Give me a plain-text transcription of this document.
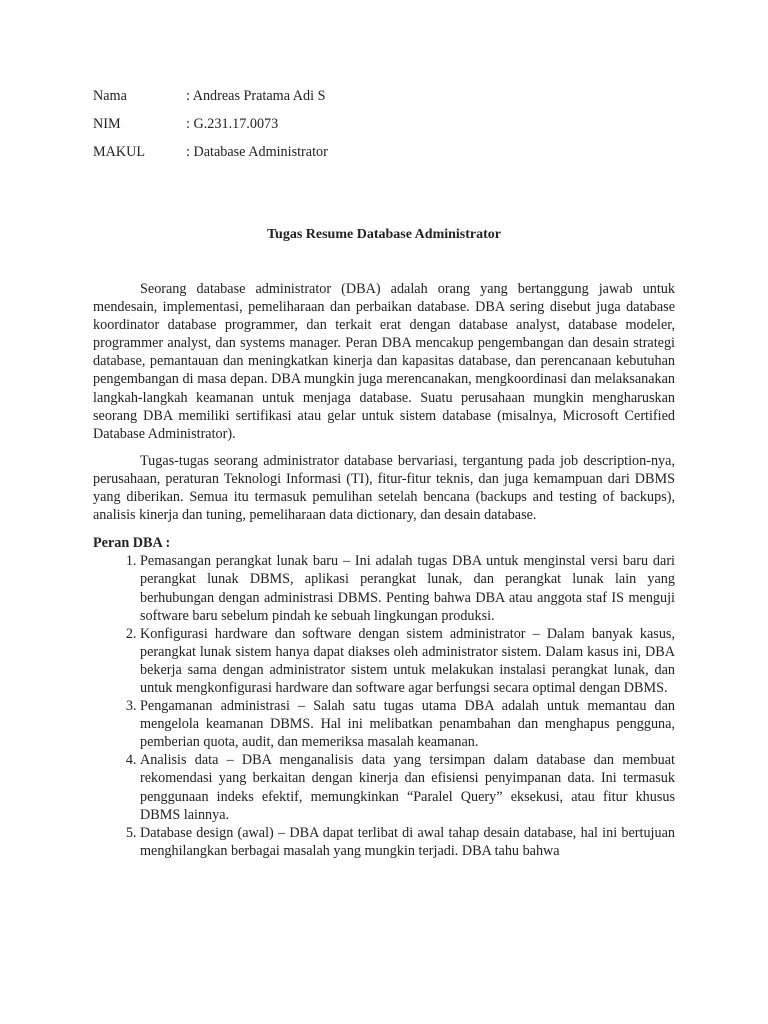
Nama	: Andreas Pratama Adi S
NIM	: G.231.17.0073
MAKUL	: Database Administrator
Tugas Resume Database Administrator

Seorang database administrator (DBA) adalah orang yang bertanggung jawab untuk mendesain, implementasi, pemeliharaan dan perbaikan database. DBA sering disebut juga database koordinator database programmer, dan terkait erat dengan database analyst, database modeler, programmer analyst, dan systems manager. Peran DBA mencakup pengembangan dan desain strategi database, pemantauan dan meningkatkan kinerja dan kapasitas database, dan perencanaan kebutuhan pengembangan di masa depan. DBA mungkin juga merencanakan, mengkoordinasi dan melaksanakan langkah-langkah keamanan untuk menjaga database. Suatu perusahaan mungkin mengharuskan seorang DBA memiliki sertifikasi atau gelar untuk sistem database (misalnya, Microsoft Certified Database Administrator).

Tugas-tugas seorang administrator database bervariasi, tergantung pada job description-nya, perusahaan, peraturan Teknologi Informasi (TI), fitur-fitur teknis, dan juga kemampuan dari DBMS yang diberikan. Semua itu termasuk pemulihan setelah bencana (backups and testing of backups), analisis kinerja dan tuning, pemeliharaan data dictionary, dan desain database.

Peran DBA :
1. Pemasangan perangkat lunak baru – Ini adalah tugas DBA untuk menginstal versi baru dari perangkat lunak DBMS, aplikasi perangkat lunak, dan perangkat lunak lain yang berhubungan dengan administrasi DBMS. Penting bahwa DBA atau anggota staf IS menguji software baru sebelum pindah ke sebuah lingkungan produksi.
2. Konfigurasi hardware dan software dengan sistem administrator – Dalam banyak kasus, perangkat lunak sistem hanya dapat diakses oleh administrator sistem. Dalam kasus ini, DBA bekerja sama dengan administrator sistem untuk melakukan instalasi perangkat lunak, dan untuk mengkonfigurasi hardware dan software agar berfungsi secara optimal dengan DBMS.
3. Pengamanan administrasi – Salah satu tugas utama DBA adalah untuk memantau dan mengelola keamanan DBMS. Hal ini melibatkan penambahan dan menghapus pengguna, pemberian quota, audit, dan memeriksa masalah keamanan.
4. Analisis data – DBA menganalisis data yang tersimpan dalam database dan membuat rekomendasi yang berkaitan dengan kinerja dan efisiensi penyimpanan data. Ini termasuk penggunaan indeks efektif, memungkinkan “Paralel Query” eksekusi, atau fitur khusus DBMS lainnya.
5. Database design (awal) – DBA dapat terlibat di awal tahap desain database, hal ini bertujuan menghilangkan berbagai masalah yang mungkin terjadi. DBA tahu bahwa
